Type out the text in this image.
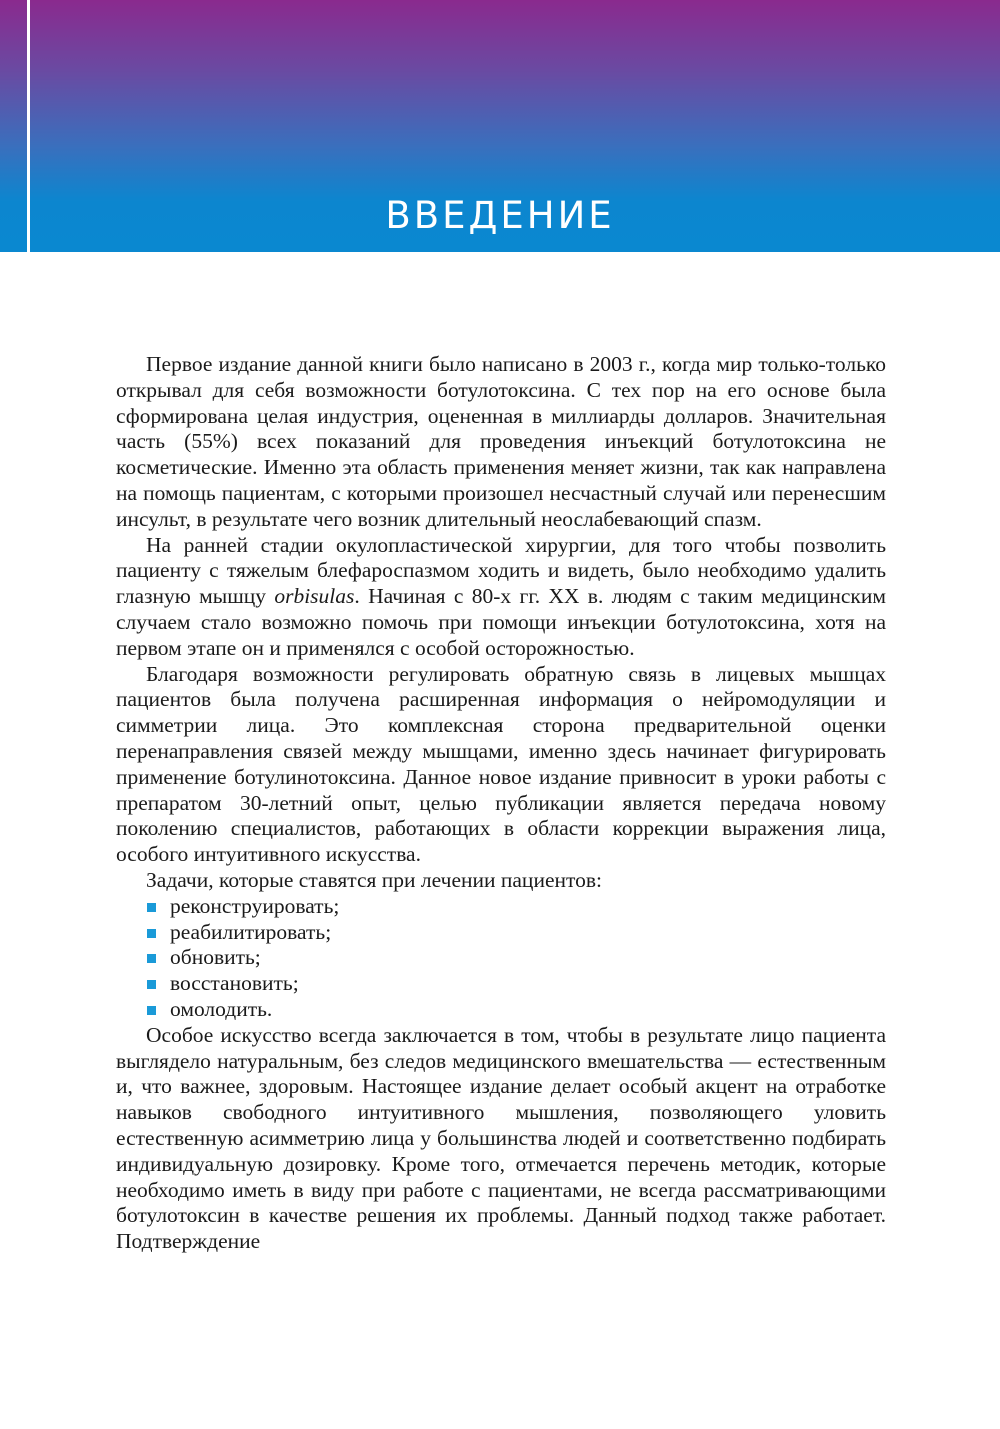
ВВЕДЕНИЕ

Первое издание данной книги было написано в 2003 г., когда мир только-только открывал для себя возможности ботулотоксина. С тех пор на его основе была сформирована целая индустрия, оцененная в миллиарды долларов. Значительная часть (55%) всех показаний для проведения инъекций ботулотоксина не косметические. Именно эта область применения меняет жизни, так как направлена на помощь пациентам, с которыми произошел несчастный случай или перенесшим инсульт, в результате чего возник длительный неослабевающий спазм.

На ранней стадии окулопластической хирургии, для того чтобы позволить пациенту с тяжелым блефароспазмом ходить и видеть, было необходимо удалить глазную мышцу orbisulas. Начиная с 80-х гг. XX в. людям с таким медицинским случаем стало возможно помочь при помощи инъекции ботулотоксина, хотя на первом этапе он и применялся с особой осторожностью.

Благодаря возможности регулировать обратную связь в лицевых мышцах пациентов была получена расширенная информация о нейромодуляции и симметрии лица. Это комплексная сторона предварительной оценки перенаправления связей между мышцами, именно здесь начинает фигурировать применение ботулинотоксина. Данное новое издание привносит в уроки работы с препаратом 30-летний опыт, целью публикации является передача новому поколению специалистов, работающих в области коррекции выражения лица, особого интуитивного искусства.

Задачи, которые ставятся при лечении пациентов:

реконструировать;
реабилитировать;
обновить;
восстановить;
омолодить.

Особое искусство всегда заключается в том, чтобы в результате лицо пациента выглядело натуральным, без следов медицинского вмешательства — естественным и, что важнее, здоровым. Настоящее издание делает особый акцент на отработке навыков свободного интуитивного мышления, позволяющего уловить естественную асимметрию лица у большинства людей и соответственно подбирать индивидуальную дозировку. Кроме того, отмечается перечень методик, которые необходимо иметь в виду при работе с пациентами, не всегда рассматривающими ботулотоксин в качестве решения их проблемы. Данный подход также работает. Подтверждение
